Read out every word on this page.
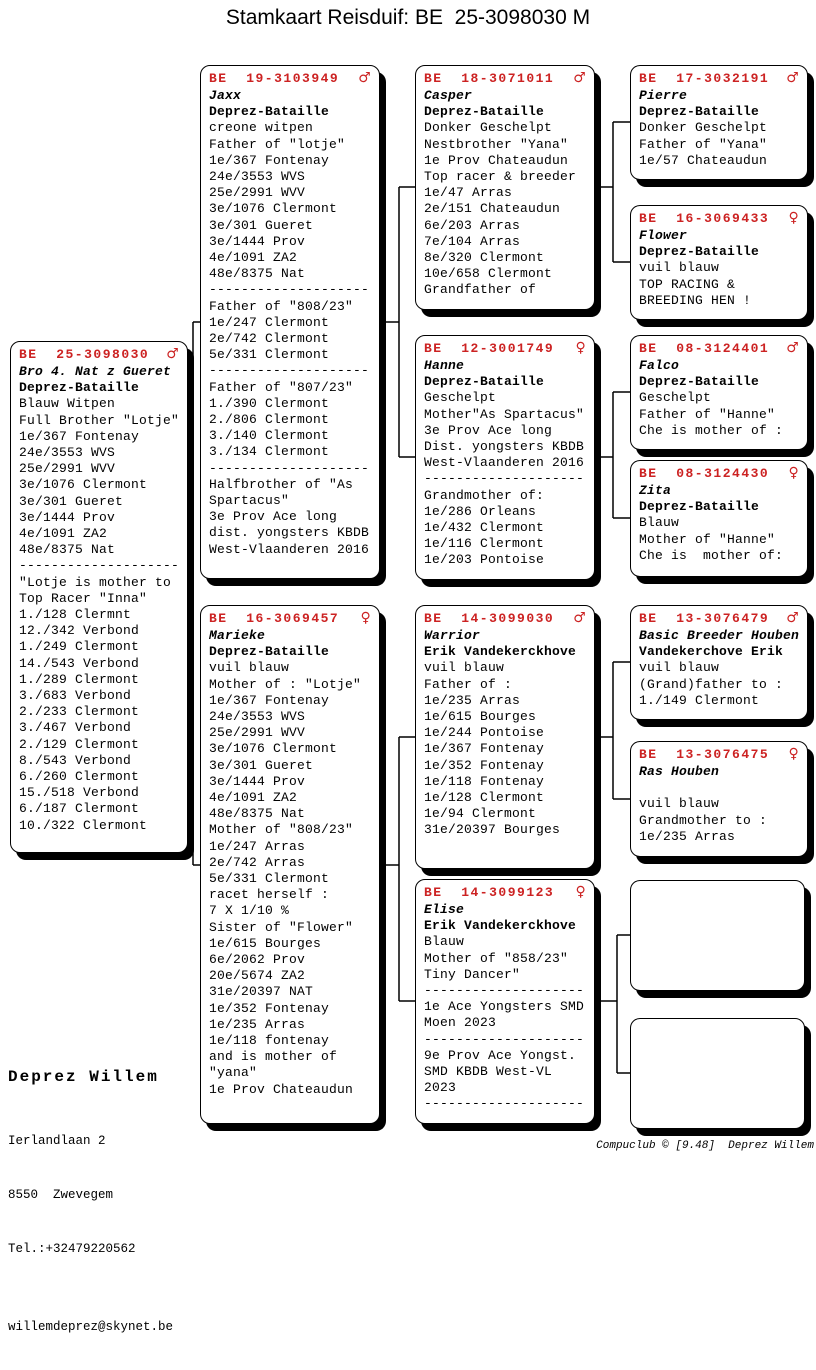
Stamkaart Reisduif: BE  25-3098030 M
BE  25-3098030 ♂
Bro 4. Nat z Gueret
Deprez-Bataille
Blauw Witpen
Full Brother "Lotje"
1e/367 Fontenay
24e/3553 WVS
25e/2991 WVV
3e/1076 Clermont
3e/301 Gueret
3e/1444 Prov
4e/1091 ZA2
48e/8375 Nat
--------------------
"Lotje is mother to
Top Racer "Inna"
1./128 Clermnt
12./342 Verbond
1./249 Clermont
14./543 Verbond
1./289 Clermont
3./683 Verbond
2./233 Clermont
3./467 Verbond
2./129 Clermont
8./543 Verbond
6./260 Clermont
15./518 Verbond
6./187 Clermont
10./322 Clermont
BE  19-3103949 ♂
Jaxx
Deprez-Bataille
creone witpen
Father of "lotje"
1e/367 Fontenay
24e/3553 WVS
25e/2991 WVV
3e/1076 Clermont
3e/301 Gueret
3e/1444 Prov
4e/1091 ZA2
48e/8375 Nat
--------------------
Father of "808/23"
1e/247 Clermont
2e/742 Clermont
5e/331 Clermont
--------------------
Father of "807/23"
1./390 Clermont
2./806 Clermont
3./140 Clermont
3./134 Clermont
--------------------
Halfbrother of "As
Spartacus"
3e Prov Ace long
dist. yongsters KBDB
West-Vlaanderen 2016
BE  16-3069457 ♀
Marieke
Deprez-Bataille
vuil blauw
Mother of : "Lotje"
1e/367 Fontenay
24e/3553 WVS
25e/2991 WVV
3e/1076 Clermont
3e/301 Gueret
3e/1444 Prov
4e/1091 ZA2
48e/8375 Nat
Mother of "808/23"
1e/247 Arras
2e/742 Arras
5e/331 Clermont
racet herself :
7 X 1/10 %
Sister of "Flower"
1e/615 Bourges
6e/2062 Prov
20e/5674 ZA2
31e/20397 NAT
1e/352 Fontenay
1e/235 Arras
1e/118 fontenay
and is mother of
"yana"
1e Prov Chateaudun
BE  18-3071011 ♂
Casper
Deprez-Bataille
Donker Geschelpt
Nestbrother "Yana"
1e Prov Chateaudun
Top racer & breeder
1e/47 Arras
2e/151 Chateaudun
6e/203 Arras
7e/104 Arras
8e/320 Clermont
10e/658 Clermont
Grandfather of
BE  12-3001749 ♀
Hanne
Deprez-Bataille
Geschelpt
Mother"As Spartacus"
3e Prov Ace long
Dist. yongsters KBDB
West-Vlaanderen 2016
--------------------
Grandmother of:
1e/286 Orleans
1e/432 Clermont
1e/116 Clermont
1e/203 Pontoise
BE  14-3099030 ♂
Warrior
Erik Vandekerckhove
vuil blauw
Father of :
1e/235 Arras
1e/615 Bourges
1e/244 Pontoise
1e/367 Fontenay
1e/352 Fontenay
1e/118 Fontenay
1e/128 Clermont
1e/94 Clermont
31e/20397 Bourges
BE  14-3099123 ♀
Elise
Erik Vandekerckhove
Blauw
Mother of "858/23"
Tiny Dancer"
--------------------
1e Ace Yongsters SMD
Moen 2023
--------------------
9e Prov Ace Yongst.
SMD KBDB West-VL
2023
--------------------
BE  17-3032191 ♂
Pierre
Deprez-Bataille
Donker Geschelpt
Father of "Yana"
1e/57 Chateaudun
BE  16-3069433 ♀
Flower
Deprez-Bataille
vuil blauw
TOP RACING &
BREEDING HEN !
BE  08-3124401 ♂
Falco
Deprez-Bataille
Geschelpt
Father of "Hanne"
Che is mother of :
BE  08-3124430 ♀
Zita
Deprez-Bataille
Blauw
Mother of "Hanne"
Che is  mother of:
BE  13-3076479 ♂
Basic Breeder Houben
Vandekerchove Erik
vuil blauw
(Grand)father to :
1./149 Clermont
BE  13-3076475 ♀
Ras Houben

vuil blauw
Grandmother to :
1e/235 Arras

Deprez Willem

Ierlandlaan 2

8550  Zwevegem

Tel.:+32479220562

willemdeprez@skynet.be

Compuclub © [9.48]  Deprez Willem
